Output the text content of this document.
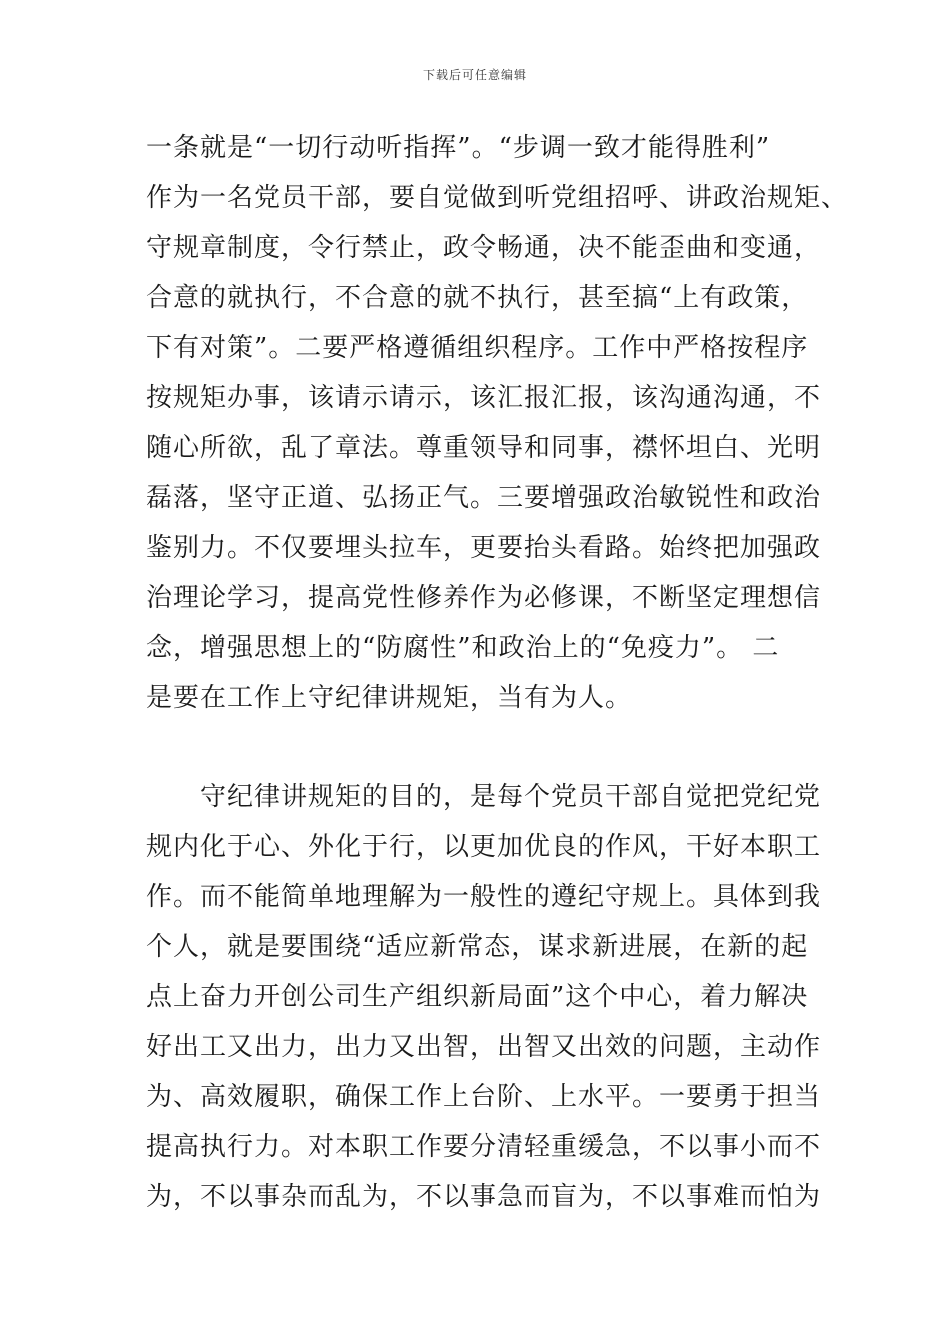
下载后可任意编辑
一条就是“一切行动听指挥”。“步调一致才能得胜利”
作为一名党员干部，要自觉做到听党组招呼、讲政治规矩、
守规章制度，令行禁止，政令畅通，决不能歪曲和变通，
合意的就执行，不合意的就不执行，甚至搞“上有政策，
下有对策”。二要严格遵循组织程序。工作中严格按程序
按规矩办事，该请示请示，该汇报汇报，该沟通沟通，不
随心所欲，乱了章法。尊重领导和同事，襟怀坦白、光明
磊落，坚守正道、弘扬正气。三要增强政治敏锐性和政治
鉴别力。不仅要埋头拉车，更要抬头看路。始终把加强政
治理论学习，提高党性修养作为必修课，不断坚定理想信
念，增强思想上的“防腐性”和政治上的“免疫力”。 二
是要在工作上守纪律讲规矩，当有为人。
　　守纪律讲规矩的目的，是每个党员干部自觉把党纪党
规内化于心、外化于行，以更加优良的作风，干好本职工
作。而不能简单地理解为一般性的遵纪守规上。具体到我
个人，就是要围绕“适应新常态，谋求新进展，在新的起
点上奋力开创公司生产组织新局面”这个中心，着力解决
好出工又出力，出力又出智，出智又出效的问题，主动作
为、高效履职，确保工作上台阶、上水平。一要勇于担当
提高执行力。对本职工作要分清轻重缓急，不以事小而不
为，不以事杂而乱为，不以事急而盲为，不以事难而怕为
